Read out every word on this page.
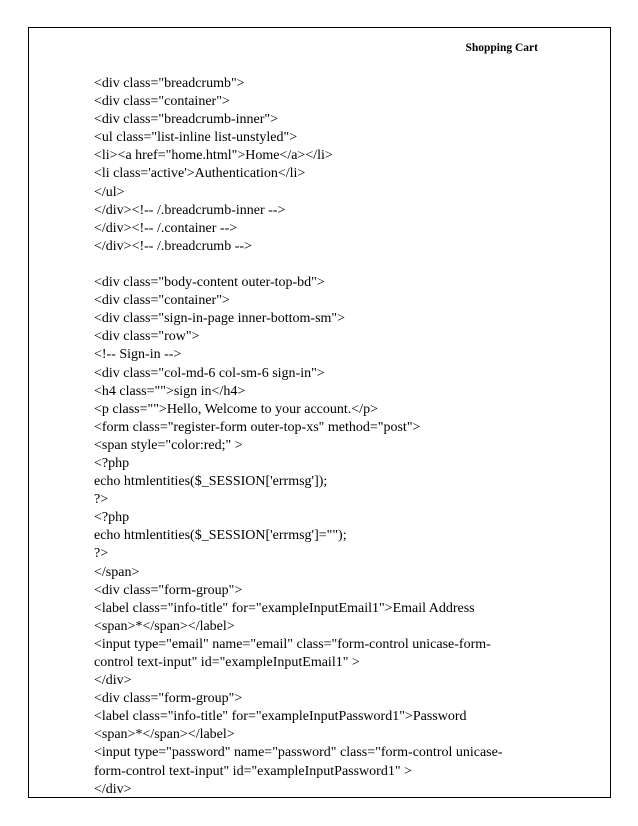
Shopping Cart
<div class="breadcrumb">
<div class="container">
<div class="breadcrumb-inner">
<ul class="list-inline list-unstyled">
<li><a href="home.html">Home</a></li>
<li class='active'>Authentication</li>
</ul>
</div><!-- /.breadcrumb-inner -->
</div><!-- /.container -->
</div><!-- /.breadcrumb -->
<div class="body-content outer-top-bd">
<div class="container">
<div class="sign-in-page inner-bottom-sm">
<div class="row">
<!-- Sign-in -->
<div class="col-md-6 col-sm-6 sign-in">
<h4 class="">sign in</h4>
<p class="">Hello, Welcome to your account.</p>
<form class="register-form outer-top-xs" method="post">
<span style="color:red;" >
<?php
echo htmlentities($_SESSION['errmsg']);
?>
<?php
echo htmlentities($_SESSION['errmsg']="");
?>
</span>
<div class="form-group">
<label class="info-title" for="exampleInputEmail1">Email Address
<span>*</span></label>
<input type="email" name="email" class="form-control unicase-form-
control text-input" id="exampleInputEmail1" >
</div>
<div class="form-group">
<label class="info-title" for="exampleInputPassword1">Password
<span>*</span></label>
<input type="password" name="password" class="form-control unicase-
form-control text-input" id="exampleInputPassword1" >
</div>
